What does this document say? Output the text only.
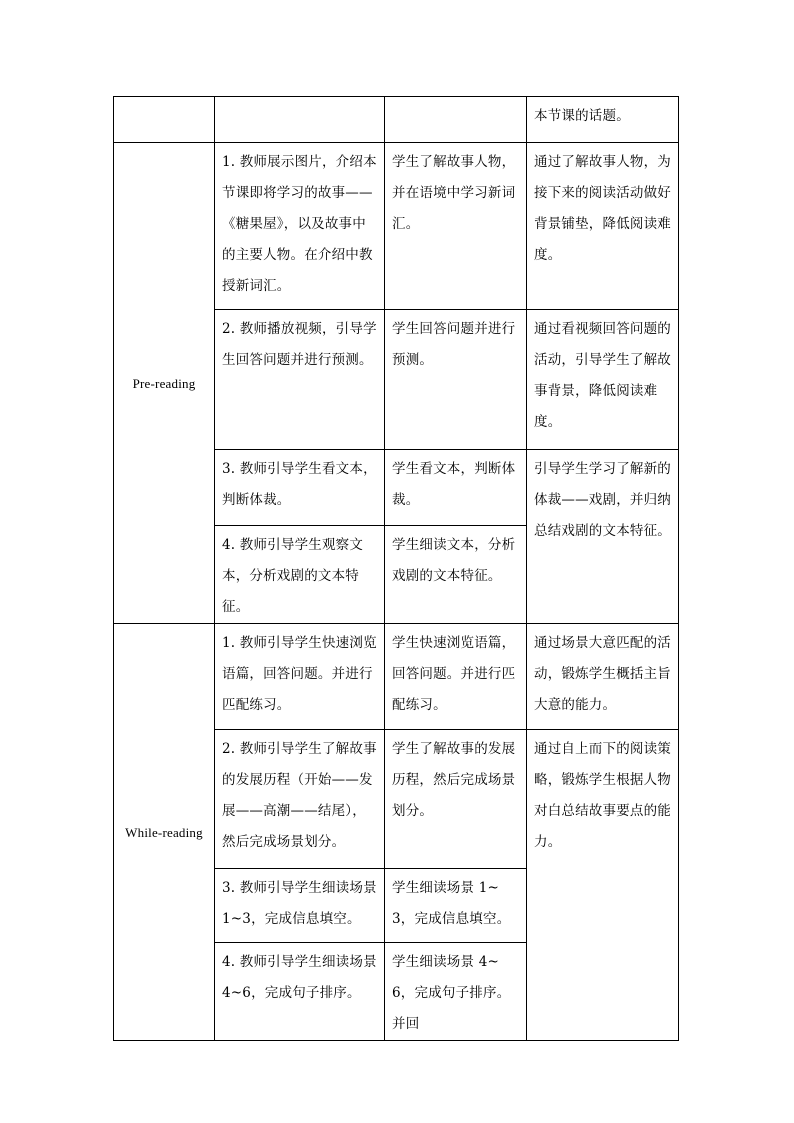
			本节课的话题。
Pre-reading	1. 教师展示图片，介绍本节课即将学习的故事——《糖果屋》，以及故事中的主要人物。在介绍中教授新词汇。	学生了解故事人物，并在语境中学习新词汇。	通过了解故事人物，为接下来的阅读活动做好背景铺垫，降低阅读难度。
	2. 教师播放视频，引导学生回答问题并进行预测。	学生回答问题并进行预测。	通过看视频回答问题的活动，引导学生了解故事背景，降低阅读难度。
	3. 教师引导学生看文本，判断体裁。	学生看文本，判断体裁。	引导学生学习了解新的体裁——戏剧，并归纳总结戏剧的文本特征。
	4. 教师引导学生观察文本，分析戏剧的文本特征。	学生细读文本，分析戏剧的文本特征。	
While-reading	1. 教师引导学生快速浏览语篇，回答问题。并进行匹配练习。	学生快速浏览语篇，回答问题。并进行匹配练习。	通过场景大意匹配的活动，锻炼学生概括主旨大意的能力。
	2. 教师引导学生了解故事的发展历程（开始——发展——高潮——结尾），然后完成场景划分。	学生了解故事的发展历程，然后完成场景划分。	通过自上而下的阅读策略，锻炼学生根据人物对白总结故事要点的能力。
	3. 教师引导学生细读场景 1~3，完成信息填空。	学生细读场景 1~3，完成信息填空。	
	4. 教师引导学生细读场景 4~6，完成句子排序。	学生细读场景 4~6，完成句子排序。并回	
